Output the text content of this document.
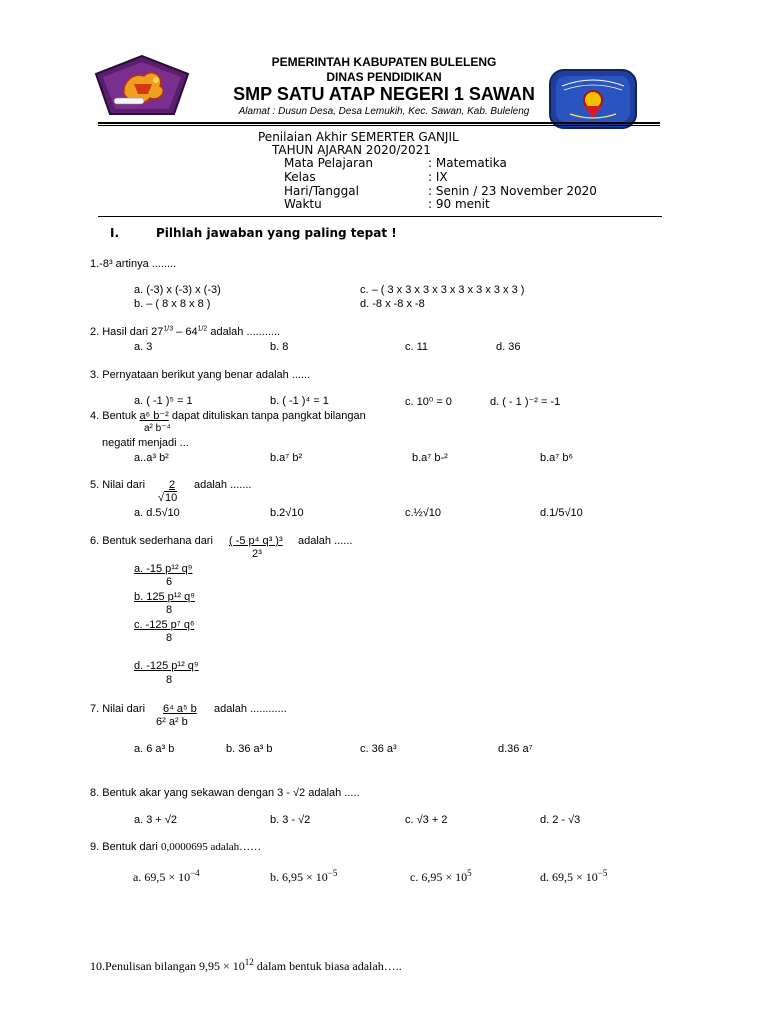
PEMERINTAH KABUPATEN BULELENG
DINAS PENDIDIKAN
SMP SATU ATAP NEGERI 1 SAWAN
Alamat : Dusun Desa, Desa Lemukih, Kec. Sawan, Kab. Buleleng
Penilaian Akhir SEMERTER GANJIL
TAHUN AJARAN 2020/2021
Mata Pelajaran	: Matematika
Kelas	: IX
Hari/Tanggal	: Senin / 23 November 2020
Waktu	: 90 menit
I.	Pilhlah jawaban yang paling tepat !
1.-8³ artinya ........
a. (-3) x (-3) x (-3)
b. – ( 8 x 8 x 8 )
c. – ( 3 x 3 x 3 x 3 x 3 x 3 x 3 x 3 )
d. -8 x -8 x -8
2. Hasil dari $27^{1/3} - 64^{1/2}$ adalah ...........
a. 3	b. 8	c. 11	d. 36
3. Pernyataan berikut yang benar adalah ......
a. ( -1 )⁵ = 1	b. ( -1 )⁴ = 1	c. 10⁰ = 0	d. ( - 1 )⁻² = -1
4. Bentuk a⁶ b⁻² dapat dituliskan tanpa pangkat bilangan
a² b⁻⁴
negatif menjadi ...
a..a³ b²	b.a⁷ b²	b.a⁷ b-²	b.a⁷ b⁶
5. Nilai dari	2	adalah .......
√10
a. d.5√10	b.2√10	c.½√10	d.1/5√10
6. Bentuk sederhana dari ( -5 p⁴ q³ )³ adalah ......
2³
a. -15 p¹² q⁹
6
b. 125 p¹² q⁹
8
c. -125 p⁷ q⁶
8
d. -125 p¹² q⁹
8
7. Nilai dari 6⁴ a⁵ b adalah ............
6² a² b
a. 6 a³ b	b. 36 a³ b	c. 36 a³	d.36 a⁷
8. Bentuk akar yang sekawan dengan 3 - √2 adalah .....
a. 3 + √2	b. 3 - √2	c. √3 + 2	d. 2 - √3
9. Bentuk dari 0,0000695 adalah……
a. $69,5 \times 10^{-4}$	b. $6,95 \times 10^{-5}$	c. $6,95 \times 10^5$	d. $69,5 \times 10^{-5}$
10.Penulisan bilangan $9,95 \times 10^{12}$ dalam bentuk biasa adalah…..
